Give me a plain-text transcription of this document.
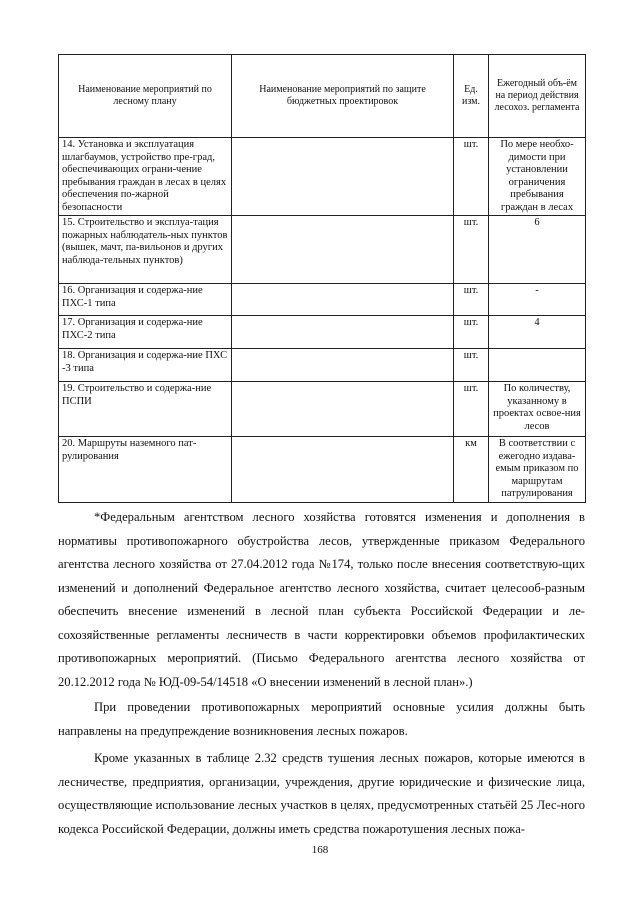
Наименование мероприятий по лесному плану	Наименование мероприятий по защите бюджетных проектировок	Ед. изм.	Ежегодный объ-ём на период действия лесохоз. регламента
14. Установка и эксплуатация шлагбаумов, устройство пре-град, обеспечивающих ограни-чение пребывания граждан в лесах в целях обеспечения по-жарной безопасности		шт.	По мере необхо-димости при установлении ограничения пребывания граждан в лесах
15. Строительство и эксплуа-тация пожарных наблюдатель-ных пунктов (вышек, мачт, па-вильонов и других наблюда-тельных пунктов)		шт.	6
16. Организация и содержа-ние ПХС-1 типа		шт.	-
17. Организация и содержа-ние ПХС-2 типа		шт.	4
18. Организация и содержа-ние ПХС -3 типа		шт.	
19. Строительство и содержа-ние ПСПИ		шт.	По количеству, указанному в проектах освое-ния лесов
20. Маршруты наземного пат-рулирования		км	В соответствии с ежегодно издава-емым приказом по маршрутам патрулирования

*Федеральным агентством лесного хозяйства готовятся изменения и дополнения в нормативы противопожарного обустройства лесов, утвержденные приказом Федерального агентства лесного хозяйства от 27.04.2012 года №174, только после внесения соответствую-щих изменений и дополнений Федеральное агентство лесного хозяйства, считает целесооб-разным обеспечить внесение изменений в лесной план субъекта Российской Федерации и ле-сохозяйственные регламенты лесничеств в части корректировки объемов профилактических противопожарных мероприятий. (Письмо Федерального агентства лесного хозяйства от 20.12.2012 года № ЮД-09-54/14518 «О внесении изменений в лесной план».)

При проведении противопожарных мероприятий основные усилия должны быть направлены на предупреждение возникновения лесных пожаров.

Кроме указанных в таблице 2.32 средств тушения лесных пожаров, которые имеются в лесничестве, предприятия, организации, учреждения, другие юридические и физические лица, осуществляющие использование лесных участков в целях, предусмотренных статьёй 25 Лес-ного кодекса Российской Федерации, должны иметь средства пожаротушения лесных пожа-

168
